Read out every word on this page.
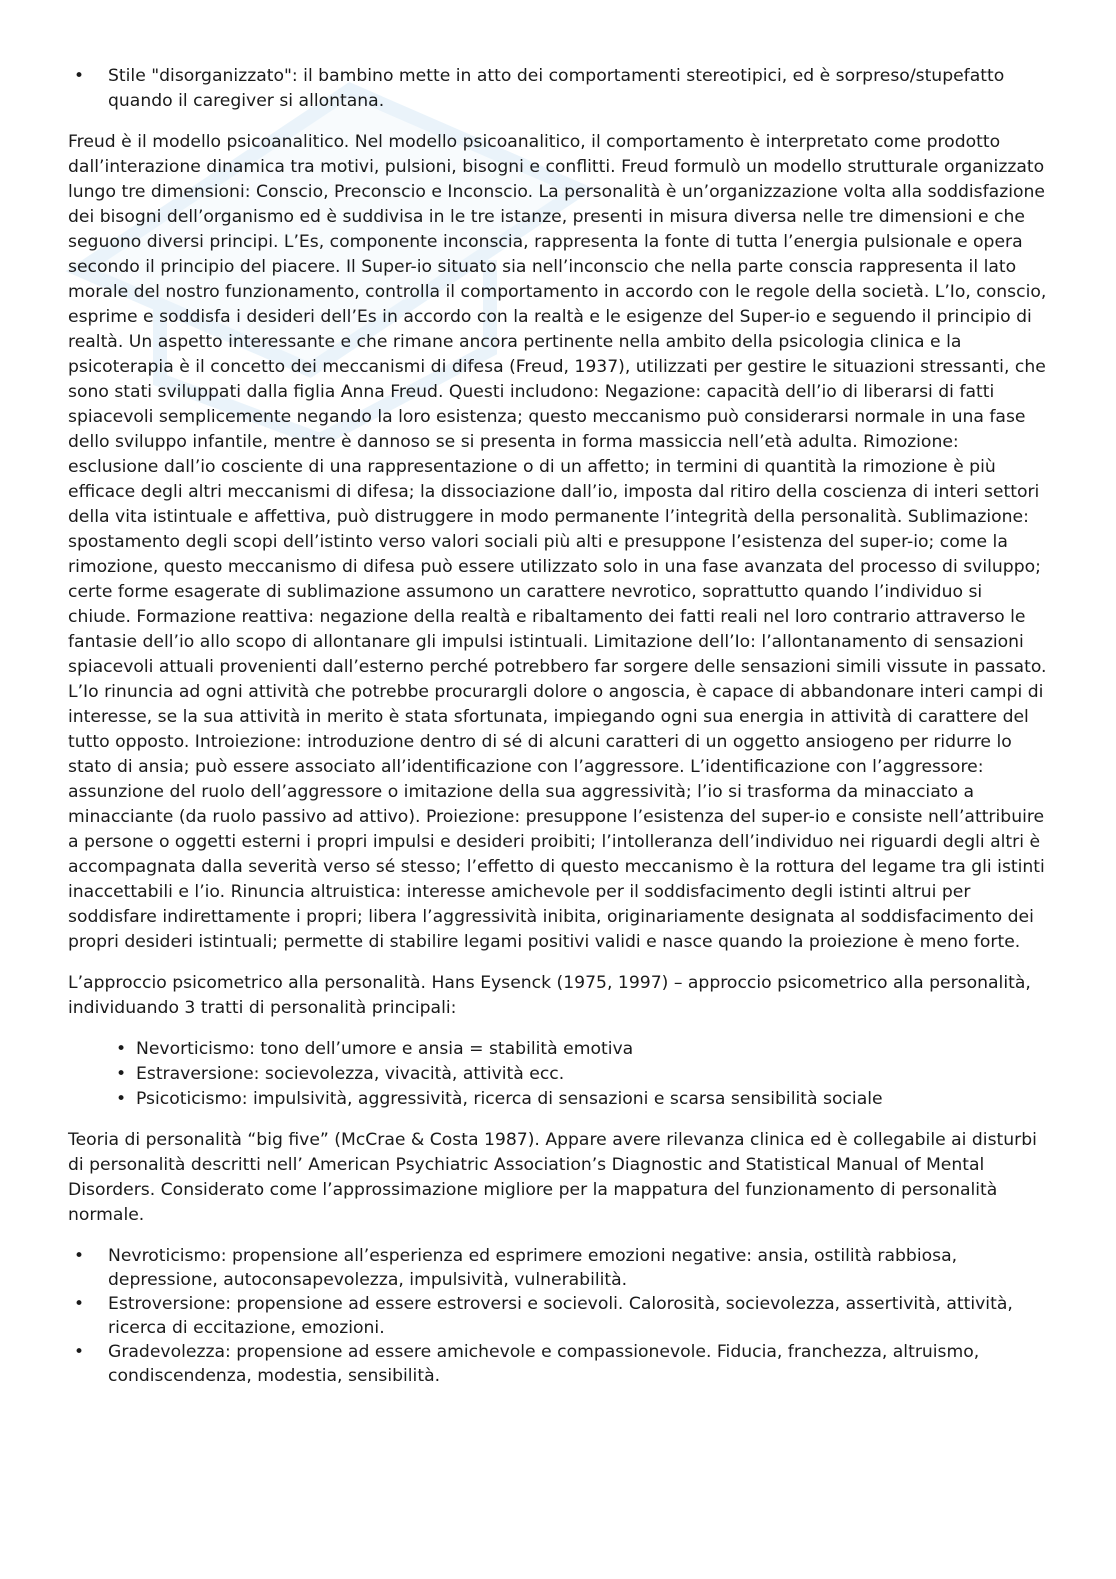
• Stile "disorganizzato": il bambino mette in atto dei comportamenti stereotipici, ed è sorpreso/stupefatto quando il caregiver si allontana.

Freud è il modello psicoanalitico. Nel modello psicoanalitico, il comportamento è interpretato come prodotto dall’interazione dinamica tra motivi, pulsioni, bisogni e conflitti. Freud formulò un modello strutturale organizzato lungo tre dimensioni: Conscio, Preconscio e Inconscio. La personalità è un’organizzazione volta alla soddisfazione dei bisogni dell’organismo ed è suddivisa in le tre istanze, presenti in misura diversa nelle tre dimensioni e che seguono diversi principi. L’Es, componente inconscia, rappresenta la fonte di tutta l’energia pulsionale e opera secondo il principio del piacere. Il Super-io situato sia nell’inconscio che nella parte conscia rappresenta il lato morale del nostro funzionamento, controlla il comportamento in accordo con le regole della società. L’Io, conscio, esprime e soddisfa i desideri dell’Es in accordo con la realtà e le esigenze del Super-io e seguendo il principio di realtà. Un aspetto interessante e che rimane ancora pertinente nella ambito della psicologia clinica e la psicoterapia è il concetto dei meccanismi di difesa (Freud, 1937), utilizzati per gestire le situazioni stressanti, che sono stati sviluppati dalla figlia Anna Freud. Questi includono: Negazione: capacità dell’io di liberarsi di fatti spiacevoli semplicemente negando la loro esistenza; questo meccanismo può considerarsi normale in una fase dello sviluppo infantile, mentre è dannoso se si presenta in forma massiccia nell’età adulta. Rimozione: esclusione dall’io cosciente di una rappresentazione o di un affetto; in termini di quantità la rimozione è più efficace degli altri meccanismi di difesa; la dissociazione dall’io, imposta dal ritiro della coscienza di interi settori della vita istintuale e affettiva, può distruggere in modo permanente l’integrità della personalità. Sublimazione: spostamento degli scopi dell’istinto verso valori sociali più alti e presuppone l’esistenza del super-io; come la rimozione, questo meccanismo di difesa può essere utilizzato solo in una fase avanzata del processo di sviluppo; certe forme esagerate di sublimazione assumono un carattere nevrotico, soprattutto quando l’individuo si chiude. Formazione reattiva: negazione della realtà e ribaltamento dei fatti reali nel loro contrario attraverso le fantasie dell’io allo scopo di allontanare gli impulsi istintuali. Limitazione dell’Io: l’allontanamento di sensazioni spiacevoli attuali provenienti dall’esterno perché potrebbero far sorgere delle sensazioni simili vissute in passato. L’Io rinuncia ad ogni attività che potrebbe procurargli dolore o angoscia, è capace di abbandonare interi campi di interesse, se la sua attività in merito è stata sfortunata, impiegando ogni sua energia in attività di carattere del tutto opposto. Introiezione: introduzione dentro di sé di alcuni caratteri di un oggetto ansiogeno per ridurre lo stato di ansia; può essere associato all’identificazione con l’aggressore. L’identificazione con l’aggressore: assunzione del ruolo dell’aggressore o imitazione della sua aggressività; l’io si trasforma da minacciato a minacciante (da ruolo passivo ad attivo). Proiezione: presuppone l’esistenza del super-io e consiste nell’attribuire a persone o oggetti esterni i propri impulsi e desideri proibiti; l’intolleranza dell’individuo nei riguardi degli altri è accompagnata dalla severità verso sé stesso; l’effetto di questo meccanismo è la rottura del legame tra gli istinti inaccettabili e l’io. Rinuncia altruistica: interesse amichevole per il soddisfacimento degli istinti altrui per soddisfare indirettamente i propri; libera l’aggressività inibita, originariamente designata al soddisfacimento dei propri desideri istintuali; permette di stabilire legami positivi validi e nasce quando la proiezione è meno forte.

L’approccio psicometrico alla personalità. Hans Eysenck (1975, 1997) – approccio psicometrico alla personalità, individuando 3 tratti di personalità principali:

• Nevorticismo: tono dell’umore e ansia = stabilità emotiva
• Estraversione: socievolezza, vivacità, attività ecc.
• Psicoticismo: impulsività, aggressività, ricerca di sensazioni e scarsa sensibilità sociale

Teoria di personalità “big five” (McCrae & Costa 1987). Appare avere rilevanza clinica ed è collegabile ai disturbi di personalità descritti nell’ American Psychiatric Association’s Diagnostic and Statistical Manual of Mental Disorders. Considerato come l’approssimazione migliore per la mappatura del funzionamento di personalità normale.

• Nevroticismo: propensione all’esperienza ed esprimere emozioni negative: ansia, ostilità rabbiosa, depressione, autoconsapevolezza, impulsività, vulnerabilità.
• Estroversione: propensione ad essere estroversi e socievoli. Calorosità, socievolezza, assertività, attività, ricerca di eccitazione, emozioni.
• Gradevolezza: propensione ad essere amichevole e compassionevole. Fiducia, franchezza, altruismo, condiscendenza, modestia, sensibilità.
